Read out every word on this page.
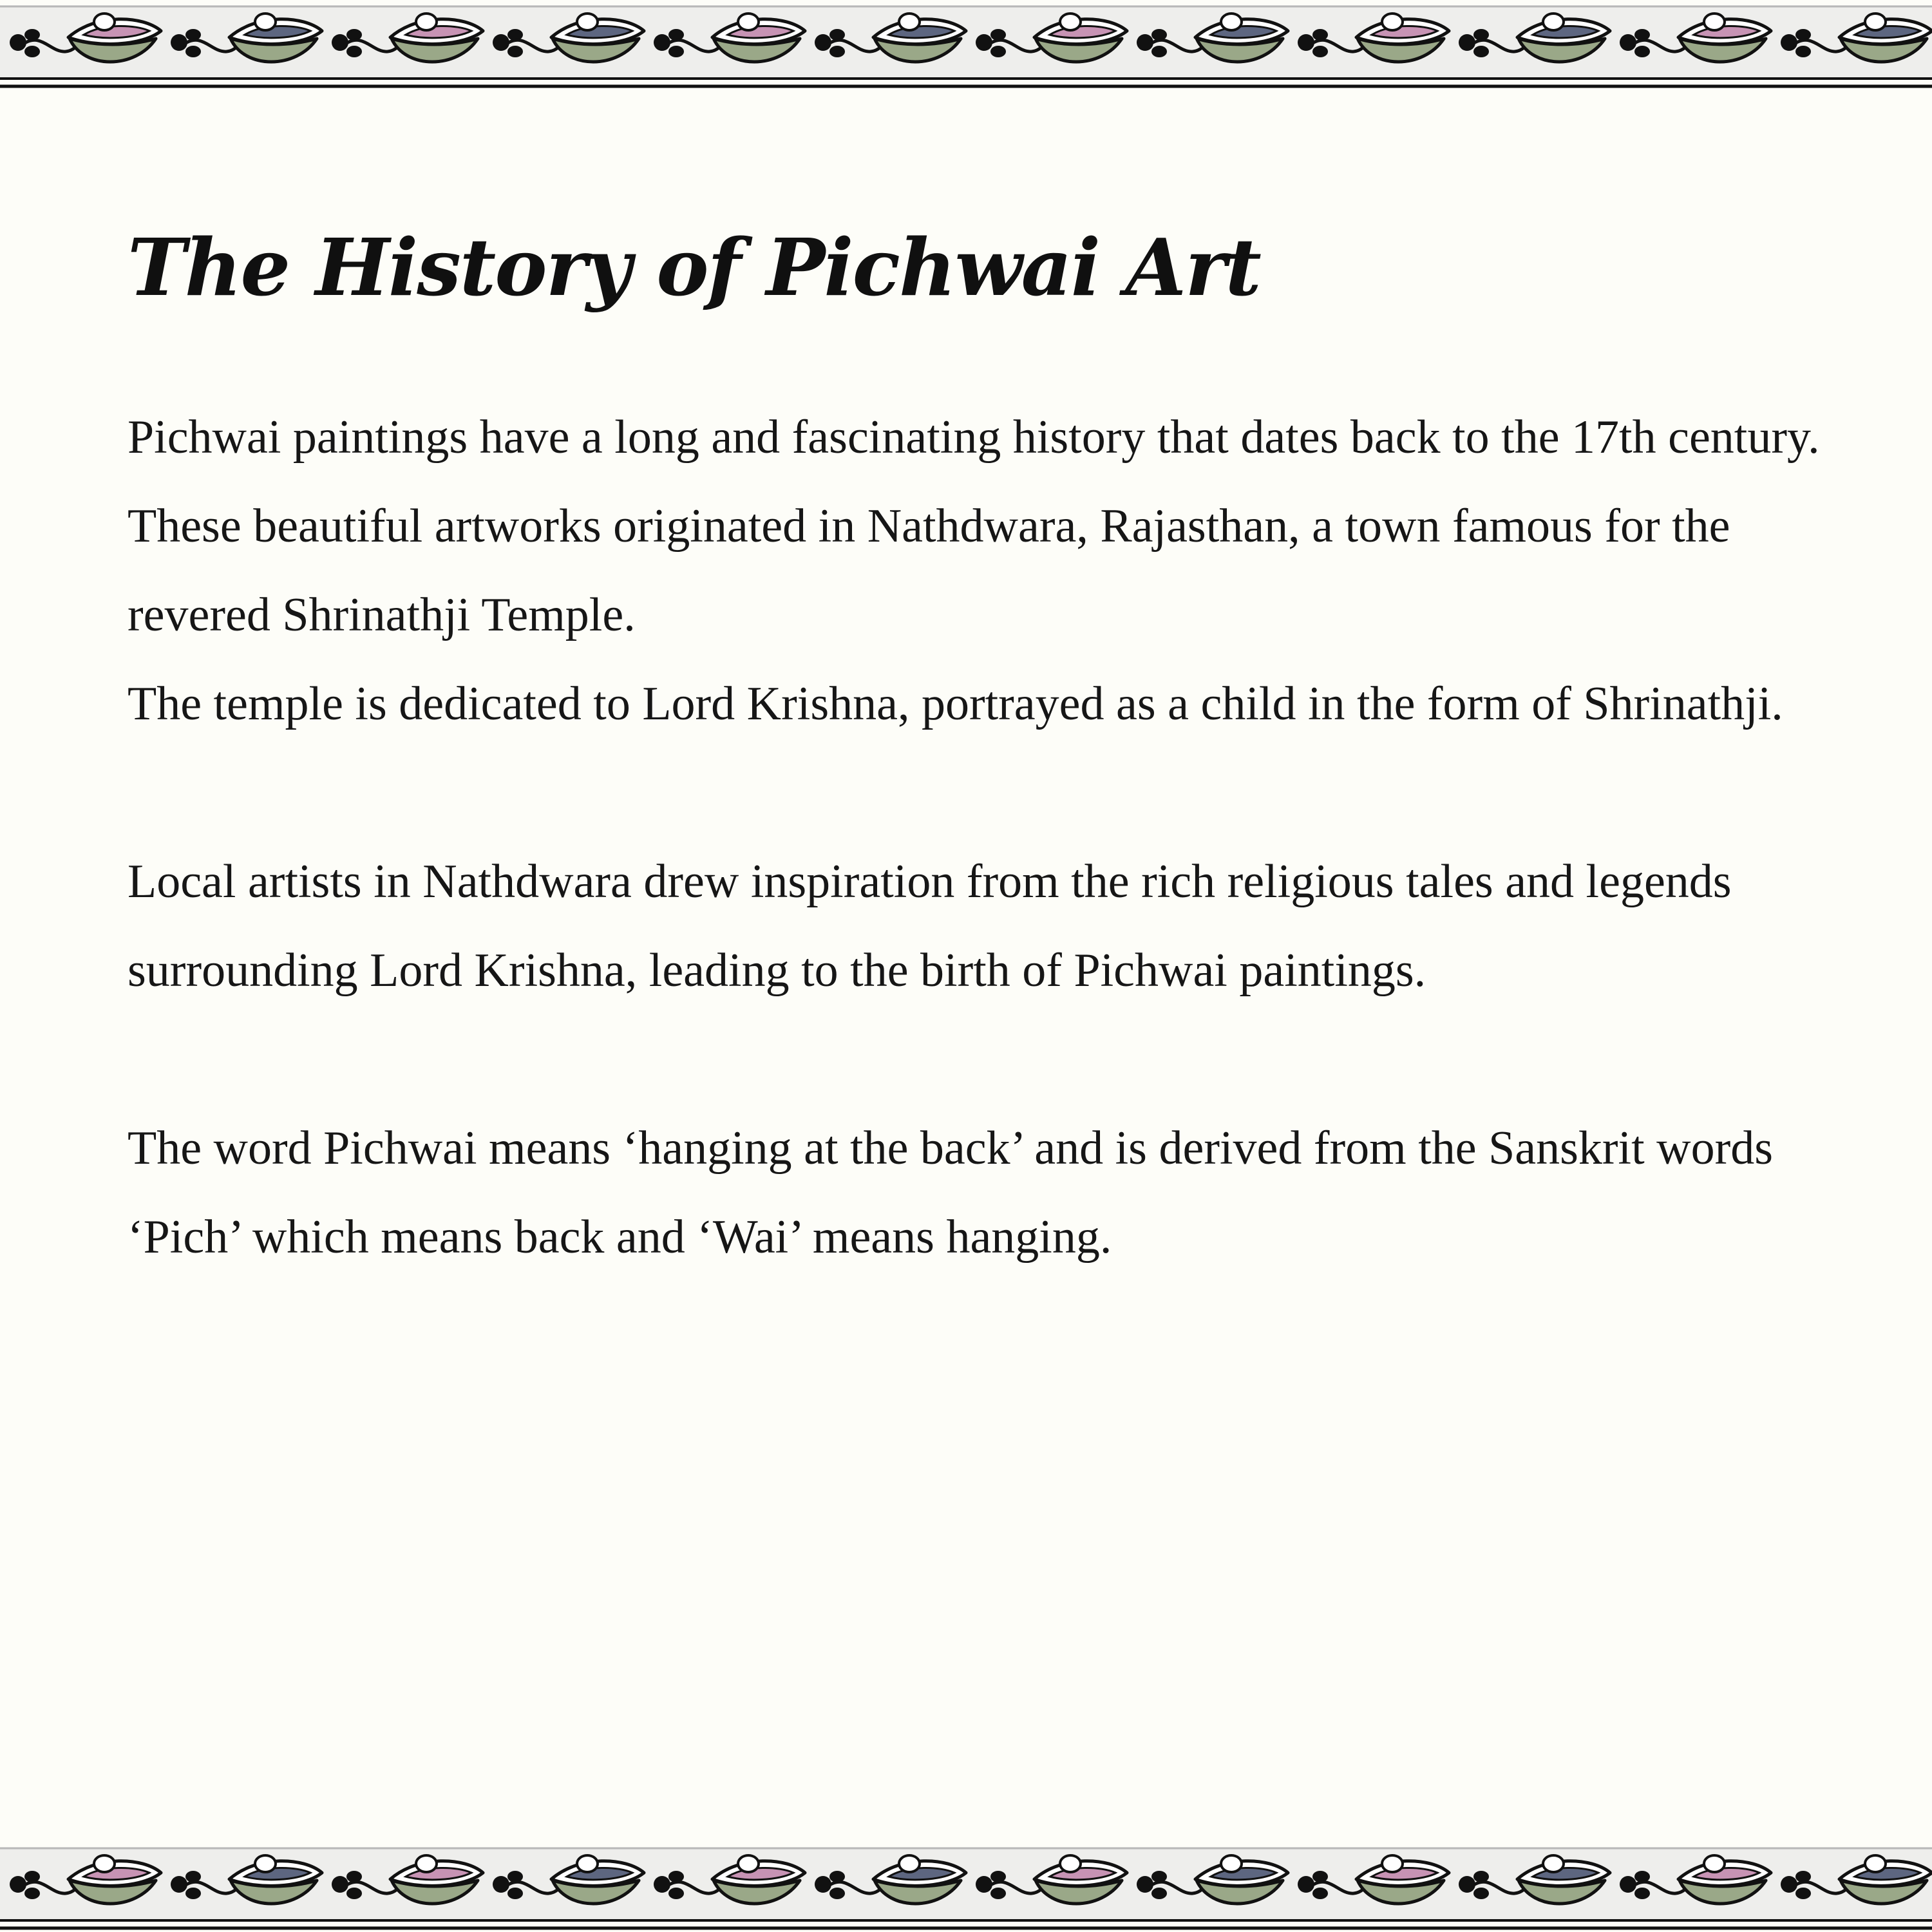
The History of Pichwai Art

Pichwai paintings have a long and fascinating history that dates back to the 17th century. These beautiful artworks originated in Nathdwara, Rajasthan, a town famous for the revered Shrinathji Temple.

The temple is dedicated to Lord Krishna, portrayed as a child in the form of Shrinathji.

Local artists in Nathdwara drew inspiration from the rich religious tales and legends surrounding Lord Krishna, leading to the birth of Pichwai paintings.

The word Pichwai means ‘hanging at the back’ and is derived from the Sanskrit words ‘Pich’ which means back and ‘Wai’ means hanging.
